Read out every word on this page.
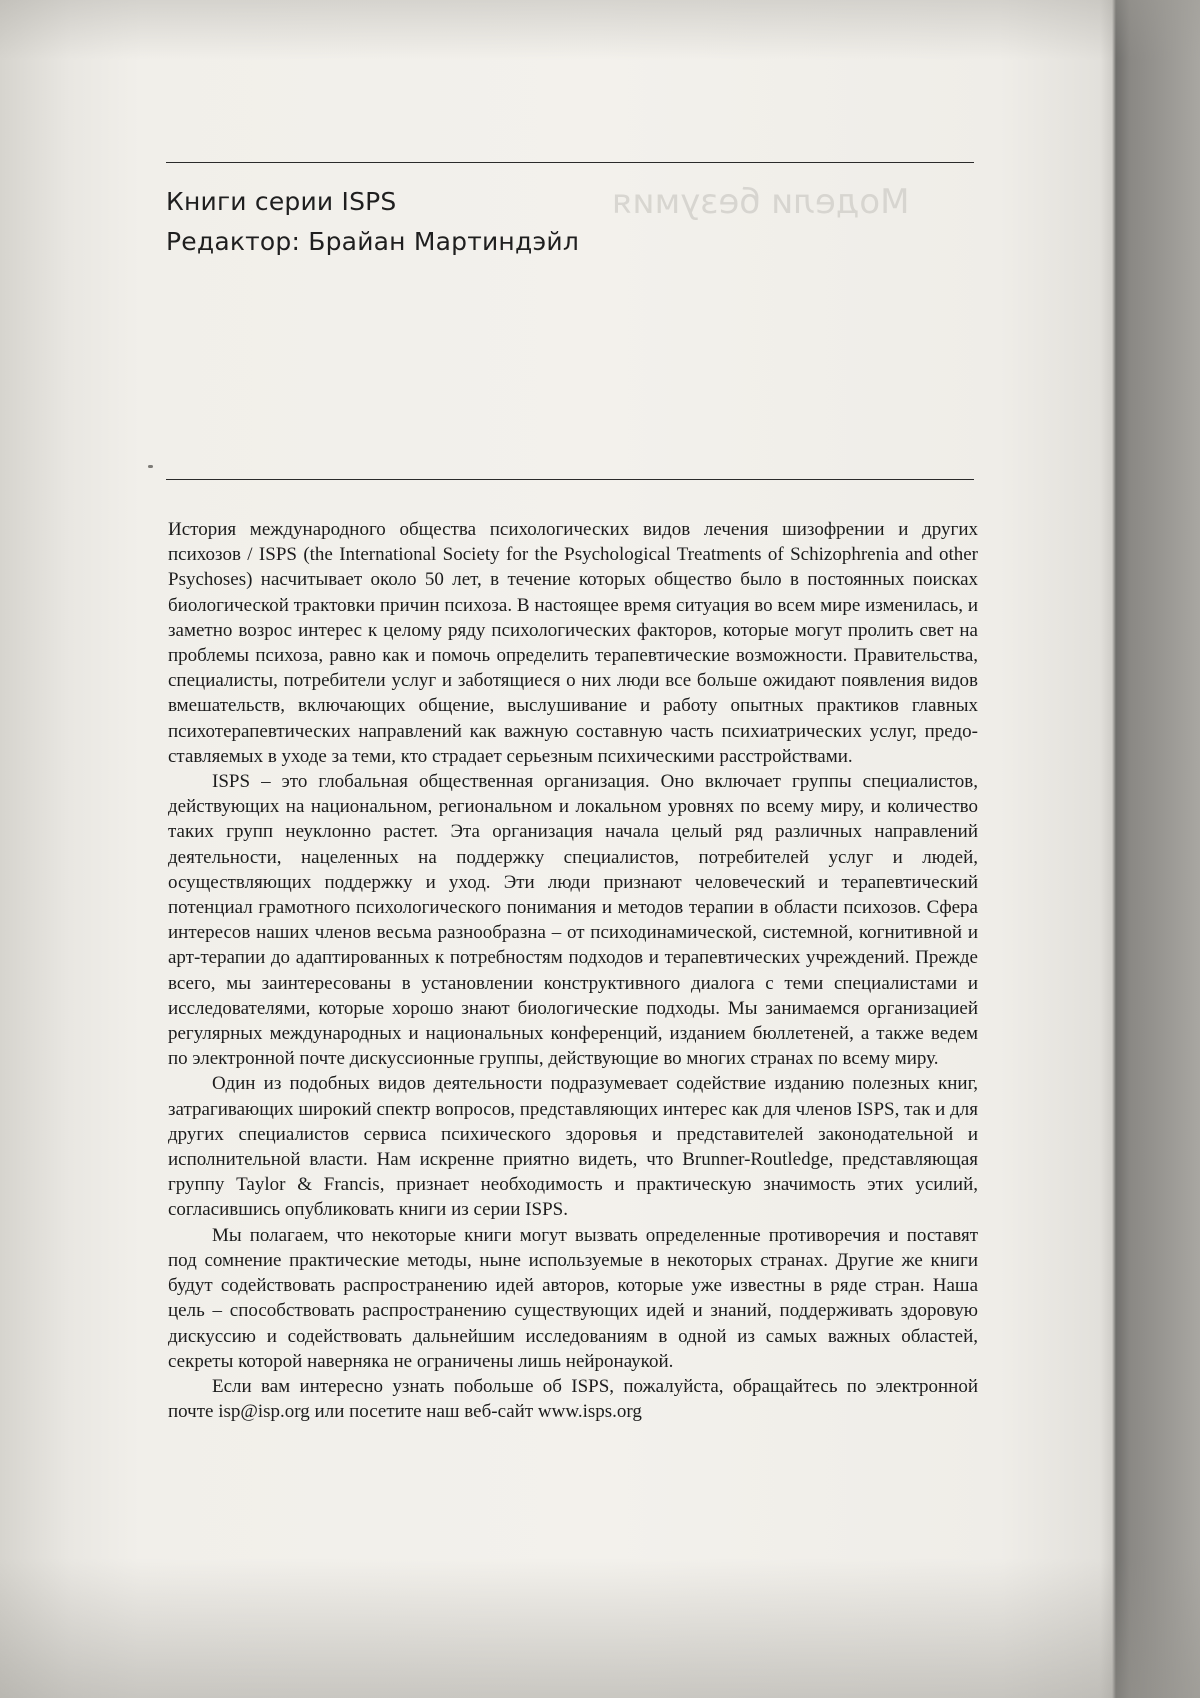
Модели безумия
Книги серии ISPS
Редактор: Брайан Мартиндэйл

История международного общества психологических видов лечения шизофрении и других психозов / ISPS (the International Society for the Psychological Treatments of Schizophrenia and other Psychoses) насчитывает около 50 лет, в течение которых общество было в постоянных поисках биологической трактовки причин психоза. В настоящее время ситуация во всем мире изменилась, и заметно возрос интерес к целому ряду психологических факторов, которые могут пролить свет на проблемы психоза, равно как и помочь определить терапевтические возможности. Правительства, специалисты, потребители услуг и заботящиеся о них люди все больше ожидают появления видов вмешательств, включающих общение, выслушивание и работу опытных практиков главных психотерапевтических направлений как важную составную часть психиатрических услуг, предоставляемых в уходе за теми, кто страдает серьезным психическими расстройствами.

ISPS – это глобальная общественная организация. Оно включает группы специалистов, действующих на национальном, региональном и локальном уровнях по всему миру, и количество таких групп неуклонно растет. Эта организация начала целый ряд различных направлений деятельности, нацеленных на поддержку специалистов, потребителей услуг и людей, осуществляющих поддержку и уход. Эти люди признают человеческий и терапевтический потенциал грамотного психологического понимания и методов терапии в области психозов. Сфера интересов наших членов весьма разнообразна – от психодинамической, системной, когнитивной и арт-терапии до адаптированных к потребностям подходов и терапевтических учреждений. Прежде всего, мы заинтересованы в установлении конструктивного диалога с теми специалистами и исследователями, которые хорошо знают биологические подходы. Мы занимаемся организацией регулярных международных и национальных конференций, изданием бюллетеней, а также ведем по электронной почте дискуссионные группы, действующие во многих странах по всему миру.

Один из подобных видов деятельности подразумевает содействие изданию полезных книг, затрагивающих широкий спектр вопросов, представляющих интерес как для членов ISPS, так и для других специалистов сервиса психического здоровья и представителей законодательной и исполнительной власти. Нам искренне приятно видеть, что Brunner-Routledge, представляющая группу Taylor & Francis, признает необходимость и практическую значимость этих усилий, согласившись опубликовать книги из серии ISPS.

Мы полагаем, что некоторые книги могут вызвать определенные противоречия и поставят под сомнение практические методы, ныне используемые в некоторых странах. Другие же книги будут содействовать распространению идей авторов, которые уже известны в ряде стран. Наша цель – способствовать распространению существующих идей и знаний, поддерживать здоровую дискуссию и содействовать дальнейшим исследованиям в одной из самых важных областей, секреты которой наверняка не ограничены лишь нейронаукой.

Если вам интересно узнать побольше об ISPS, пожалуйста, обращайтесь по электронной почте isp@isp.org или посетите наш веб-сайт www.isps.org
